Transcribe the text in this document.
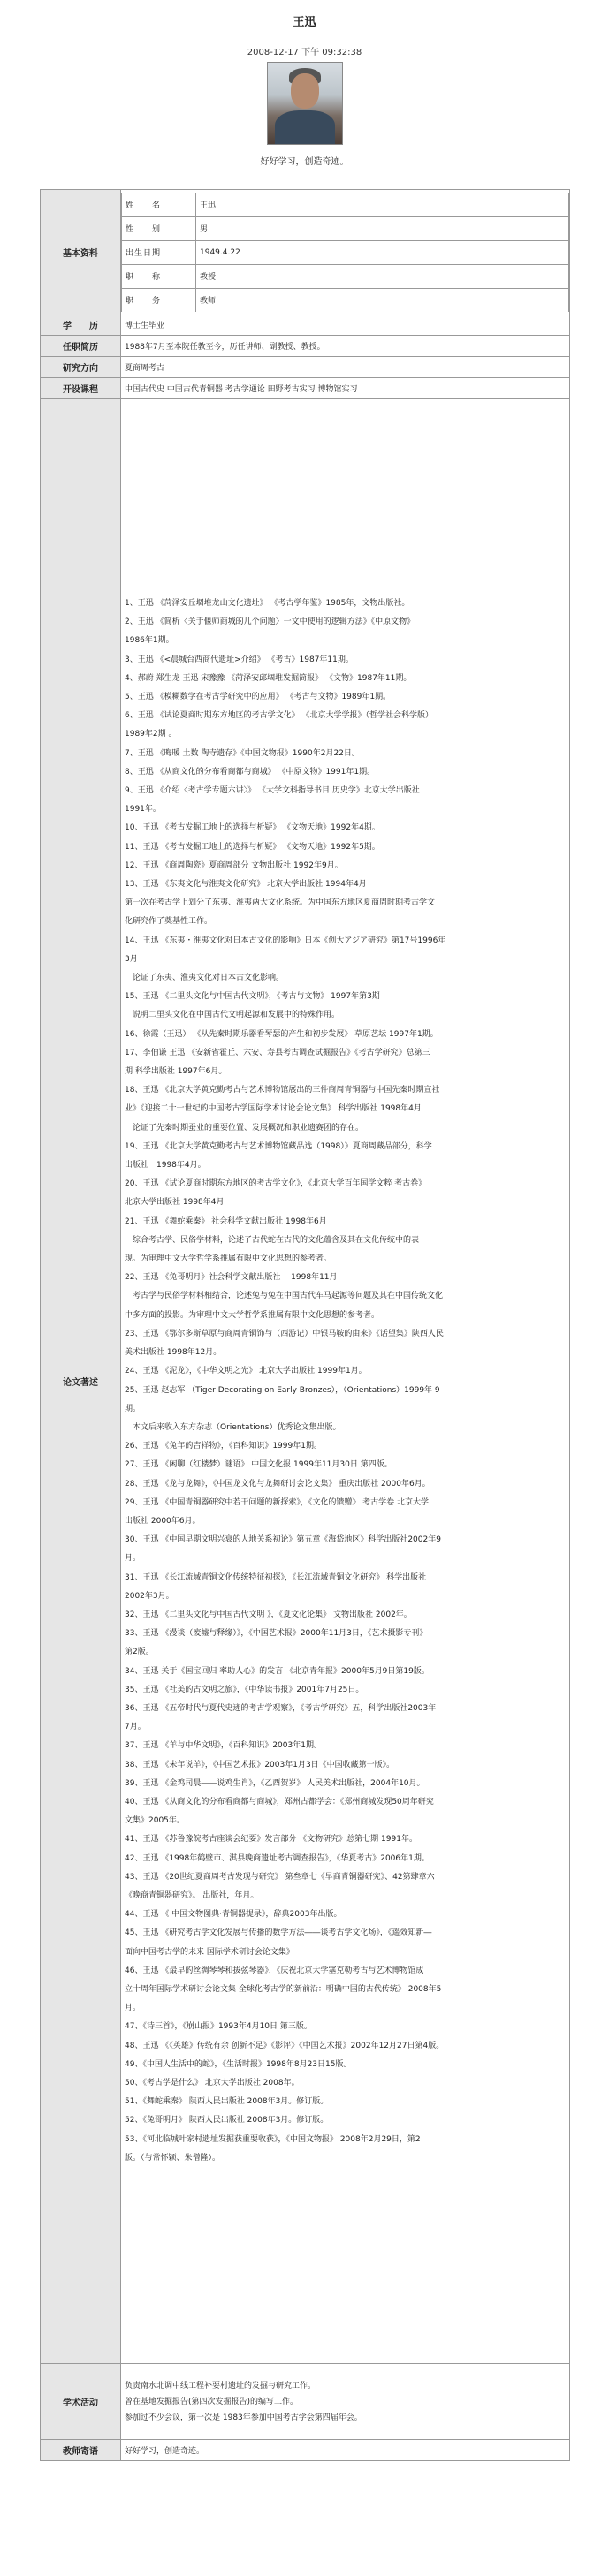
王迅
2008-12-17 下午 09:32:38
好好学习，创造奇迹。
基本资料	
姓　　名	王迅
性　　别	男
出生日期	1949.4.22
职　　称	教授
职　　务	教师

学　　历	博士生毕业
任职简历	1988年7月至本院任教至今，历任讲师、副教授、教授。
研究方向	夏商周考古
开设课程	中国古代史 中国古代青铜器 考古学通论 田野考古实习 博物馆实习
论文著述	

1、王迅 《菏泽安丘堌堆龙山文化遗址》 《考古学年鉴》1985年，文物出版社。

2、王迅 《简析〈关于偃师商城的几个问题〉一文中使用的逻辑方法》《中原文物》

1986年1期。

3、王迅 《<晨城台西商代遗址>介绍》 《考古》1987年11期。

4、郝蔚 郑生龙 王迅 宋豫豫 《菏泽安邱堌堆发掘简报》 《文物》1987年11期。

5、王迅 《模糊数学在考古学研究中的应用》 《考古与文物》1989年1期。

6、王迅 《试论夏商时期东方地区的考古学文化》 《北京大学学报》（哲学社会科学版）

1989年2期 。

7、王迅 《晦暖 土数 陶寺遗存》《中国文物报》1990年2月22日。

8、王迅 《从商文化的分布看商都与商城》 《中原文物》1991年1期。

9、王迅 《介绍〈考古学专题六讲〉》 《大学文科指导书目 历史学》北京大学出版社

1991年。

10、王迅 《考古发掘工地上的选择与析疑》 《文物天地》1992年4期。

11、王迅 《考古发掘工地上的选择与析疑》 《文物天地》1992年5期。

12、王迅 《商周陶瓷》夏商周部分 文物出版社 1992年9月。

13、王迅 《东夷文化与淮夷文化研究》 北京大学出版社 1994年4月

第一次在考古学上划分了东夷、淮夷两大文化系统。为中国东方地区夏商周时期考古学文

化研究作了奠基性工作。

14、王迅 《东夷・淮夷文化对日本古文化的影响》日本《创大アジア研究》第17号1996年

3月

　论证了东夷、淮夷文化对日本古文化影响。

15、王迅 《二里头文化与中国古代文明》，《考古与文物》 1997年第3期

　说明二里头文化在中国古代文明起源和发展中的特殊作用。

16、徐霞（王迅） 《从先秦时期乐器看琴瑟的产生和初步发展》 草原艺坛 1997年1期。

17、李伯谦 王迅 《安新省霍丘、六安、寿县考古调查试掘报告》《考古学研究》总第三

期 科学出版社 1997年6月。

18、王迅 《北京大学黄克勤考古与艺术博物馆展出的三件商周青铜器与中国先秦时期宣社

业》《迎接二十一世纪的中国考古学国际学术讨论会论文集》 科学出版社 1998年4月

　论证了先秦时期蚕业的重要位置、发展概况和职业遗赛团的存在。

19、王迅 《北京大学黄克勤考古与艺术博物馆藏品选（1998）》夏商周藏品部分，科学

出版社　1998年4月。

20、王迅 《试论夏商时期东方地区的考古学文化》，《北京大学百年国学文粹 考古卷》

北京大学出版社 1998年4月

21、王迅 《舞蛇乘秦》 社会科学文献出版社 1998年6月

　综合考古学、民俗学材料，论述了古代蛇在古代的文化蕴含及其在文化传统中的表

现。为审理中文大学哲学系推属有限中文化思想的参考者。

22、王迅 《兔哥明月》社会科学文献出版社　 1998年11月

　考古学与民俗学材料相结合，论述兔与兔在中国古代车马起源等问题及其在中国传统文化

中多方面的投影。为审理中文大学哲学系推属有限中文化思想的参考者。

23、王迅 《鄂尔多斯草原与商周青铜饰与（西游记）中银马鞍的由来》《话望集》陕西人民

美术出版社 1998年12月。

24、王迅 《泥龙》，《中华文明之光》 北京大学出版社 1999年1月。

25、王迅 赵志军 （Tiger Decorating on Early Bronzes），（Orientations）1999年 9

期。

　本文后来收入东方杂志（Orientations）优秀论文集出版。

26、王迅 《兔年的吉祥物》，《百科知识》1999年1期。

27、王迅 《闲聊（红楼梦）谜语》 中国文化报 1999年11月30日 第四版。

28、王迅 《龙与龙舞》，《中国龙文化与龙舞研讨会论文集》 重庆出版社 2000年6月。

29、王迅 《中国青铜器研究中若干问题的新探索》，《文化的馈赠》 考古学卷 北京大学

出版社 2000年6月。

30、王迅 《中国早期文明兴衰的人地关系初论》第五章《海岱地区》科学出版社2002年9

月。

31、王迅 《长江流域青铜文化传统特征初探》，《长江流域青铜文化研究》 科学出版社

2002年3月。

32、王迅 《二里头文化与中国古代文明 》，《夏文化论集》 文物出版社 2002年。

33、王迅 《漫谈（废墟与释缘）》，《中国艺术报》2000年11月3日，《艺术摄影专刊》

第2版。

34、王迅 关于《国宝回归 率助人心》的发言 《北京青年报》2000年5月9日第19版。

35、王迅 《社美的古文明之旅》，《中华读书报》2001年7月25日。

36、王迅 《五帝时代与夏代史迹的考古学观察》，《考古学研究》五，科学出版社2003年

7月。

37、王迅 《羊与中华文明》，《百科知识》2003年1期。

38、王迅 《未年说羊》，《中国艺术报》2003年1月3日《中国收藏第一版》。

39、王迅 《金鸡司晨――说鸡生肖》，《乙酉贺岁》 人民美术出版社，2004年10月。

40、王迅 《从商文化的分布看商都与商城》，郑州古都学会：《郑州商城发现50周年研究

文集》2005年。

41、王迅 《苏鲁豫皖考古座谈会纪要》发言部分 《文物研究》总第七期 1991年。

42、王迅 《1998年鹤壁市、淇县晚商遗址考古调查报告》，《华夏考古》2006年1期。

43、王迅 《20世纪夏商周考古发现与研究》 第叁章七《早商青铜器研究》、42第肆章六

《晚商青铜器研究》。 出版社，年月。

44、王迅 《 中国文物图典·青铜器提录》，辞典2003年出版。

45、王迅 《研究考古学文化发展与传播的数学方法――谈考古学文化场》，《遥效知新―

面向中国考古学的未来 国际学术研讨会论文集》

46、王迅 《最早的丝绸琴琴和拔弦琴器》，《庆祝北京大学塞克勒考古与艺术博物馆成

立十周年国际学术研讨会论文集 全球化考古学的新前沿：明确中国的古代传统》 2008年5

月。

47、《诗三首》，《崩山报》1993年4月10日 第三版。

48、王迅 《《英雄》传统有余 创新不足》《影评》《中国艺术报》2002年12月27日第4版。

49、《中国人生活中的蛇》，《生活时报》1998年8月23日15版。

50、《考古学是什么》 北京大学出版社 2008年。

51、《舞蛇乘秦》 陕西人民出版社 2008年3月。修订版。

52、《兔哥明月》 陕西人民出版社 2008年3月。修订版。

53、《河北临城叶家村遗址发掘获重要收获》，《中国文物报》 2008年2月29日，第2

版。（与常怀颖、朱僧隆）。

学术活动	

负责南水北调中线工程补要村遗址的发掘与研究工作。

曾在基地发掘报告(第四次发掘报告)的编写工作。

参加过不少会议，第一次是 1983年参加中国考古学会第四届年会。

教师寄语	好好学习，创造奇迹。
